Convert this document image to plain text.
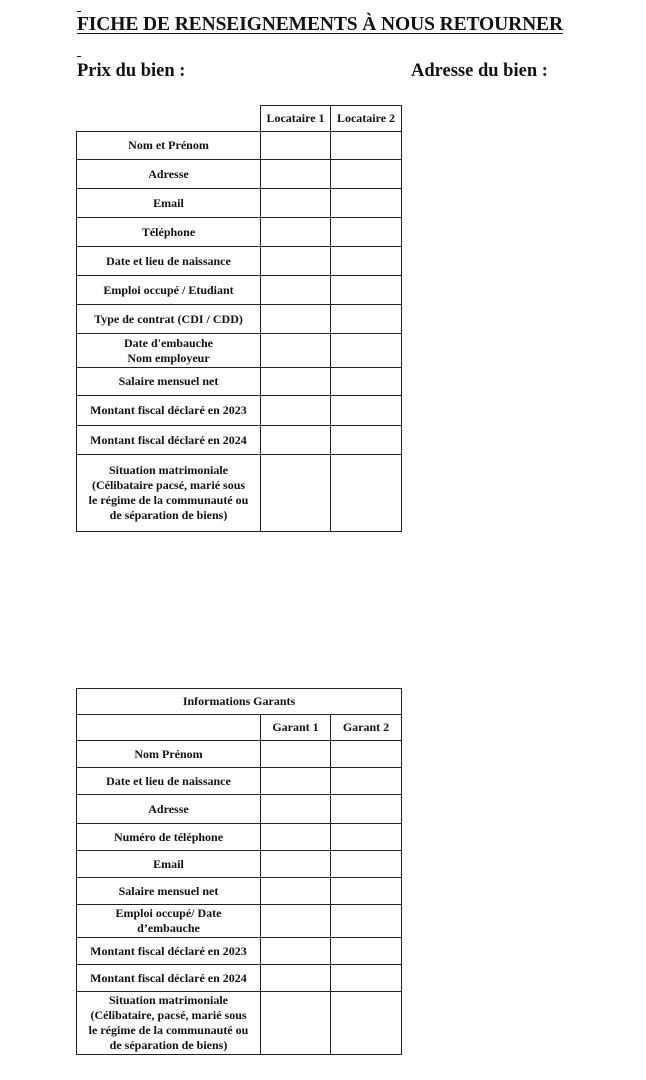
FICHE DE RENSEIGNEMENTS À NOUS RETOURNER

Prix du bien :	Adresse du bien :

	Locataire 1	Locataire 2

Nom et Prénom		

Adresse		

Email		

Téléphone		

Date et lieu de naissance		

Emploi occupé / Etudiant		

Type de contrat (CDI / CDD)		

Date d'embauche
Nom employeur		

Salaire mensuel net		

Montant fiscal déclaré en 2023		

Montant fiscal déclaré en 2024		

Situation matrimoniale
(Célibataire pacsé, marié sous
le régime de la communauté ou
de séparation de biens)		

Informations Garants		
	Garant 1	Garant 2

Nom Prénom		

Date et lieu de naissance		

Adresse		

Numéro de téléphone		

Email		

Salaire mensuel net		

Emploi occupé/ Date
d’embauche		

Montant fiscal déclaré en 2023		

Montant fiscal déclaré en 2024		

Situation matrimoniale
(Célibataire, pacsé, marié sous
le régime de la communauté ou
de séparation de biens)		
